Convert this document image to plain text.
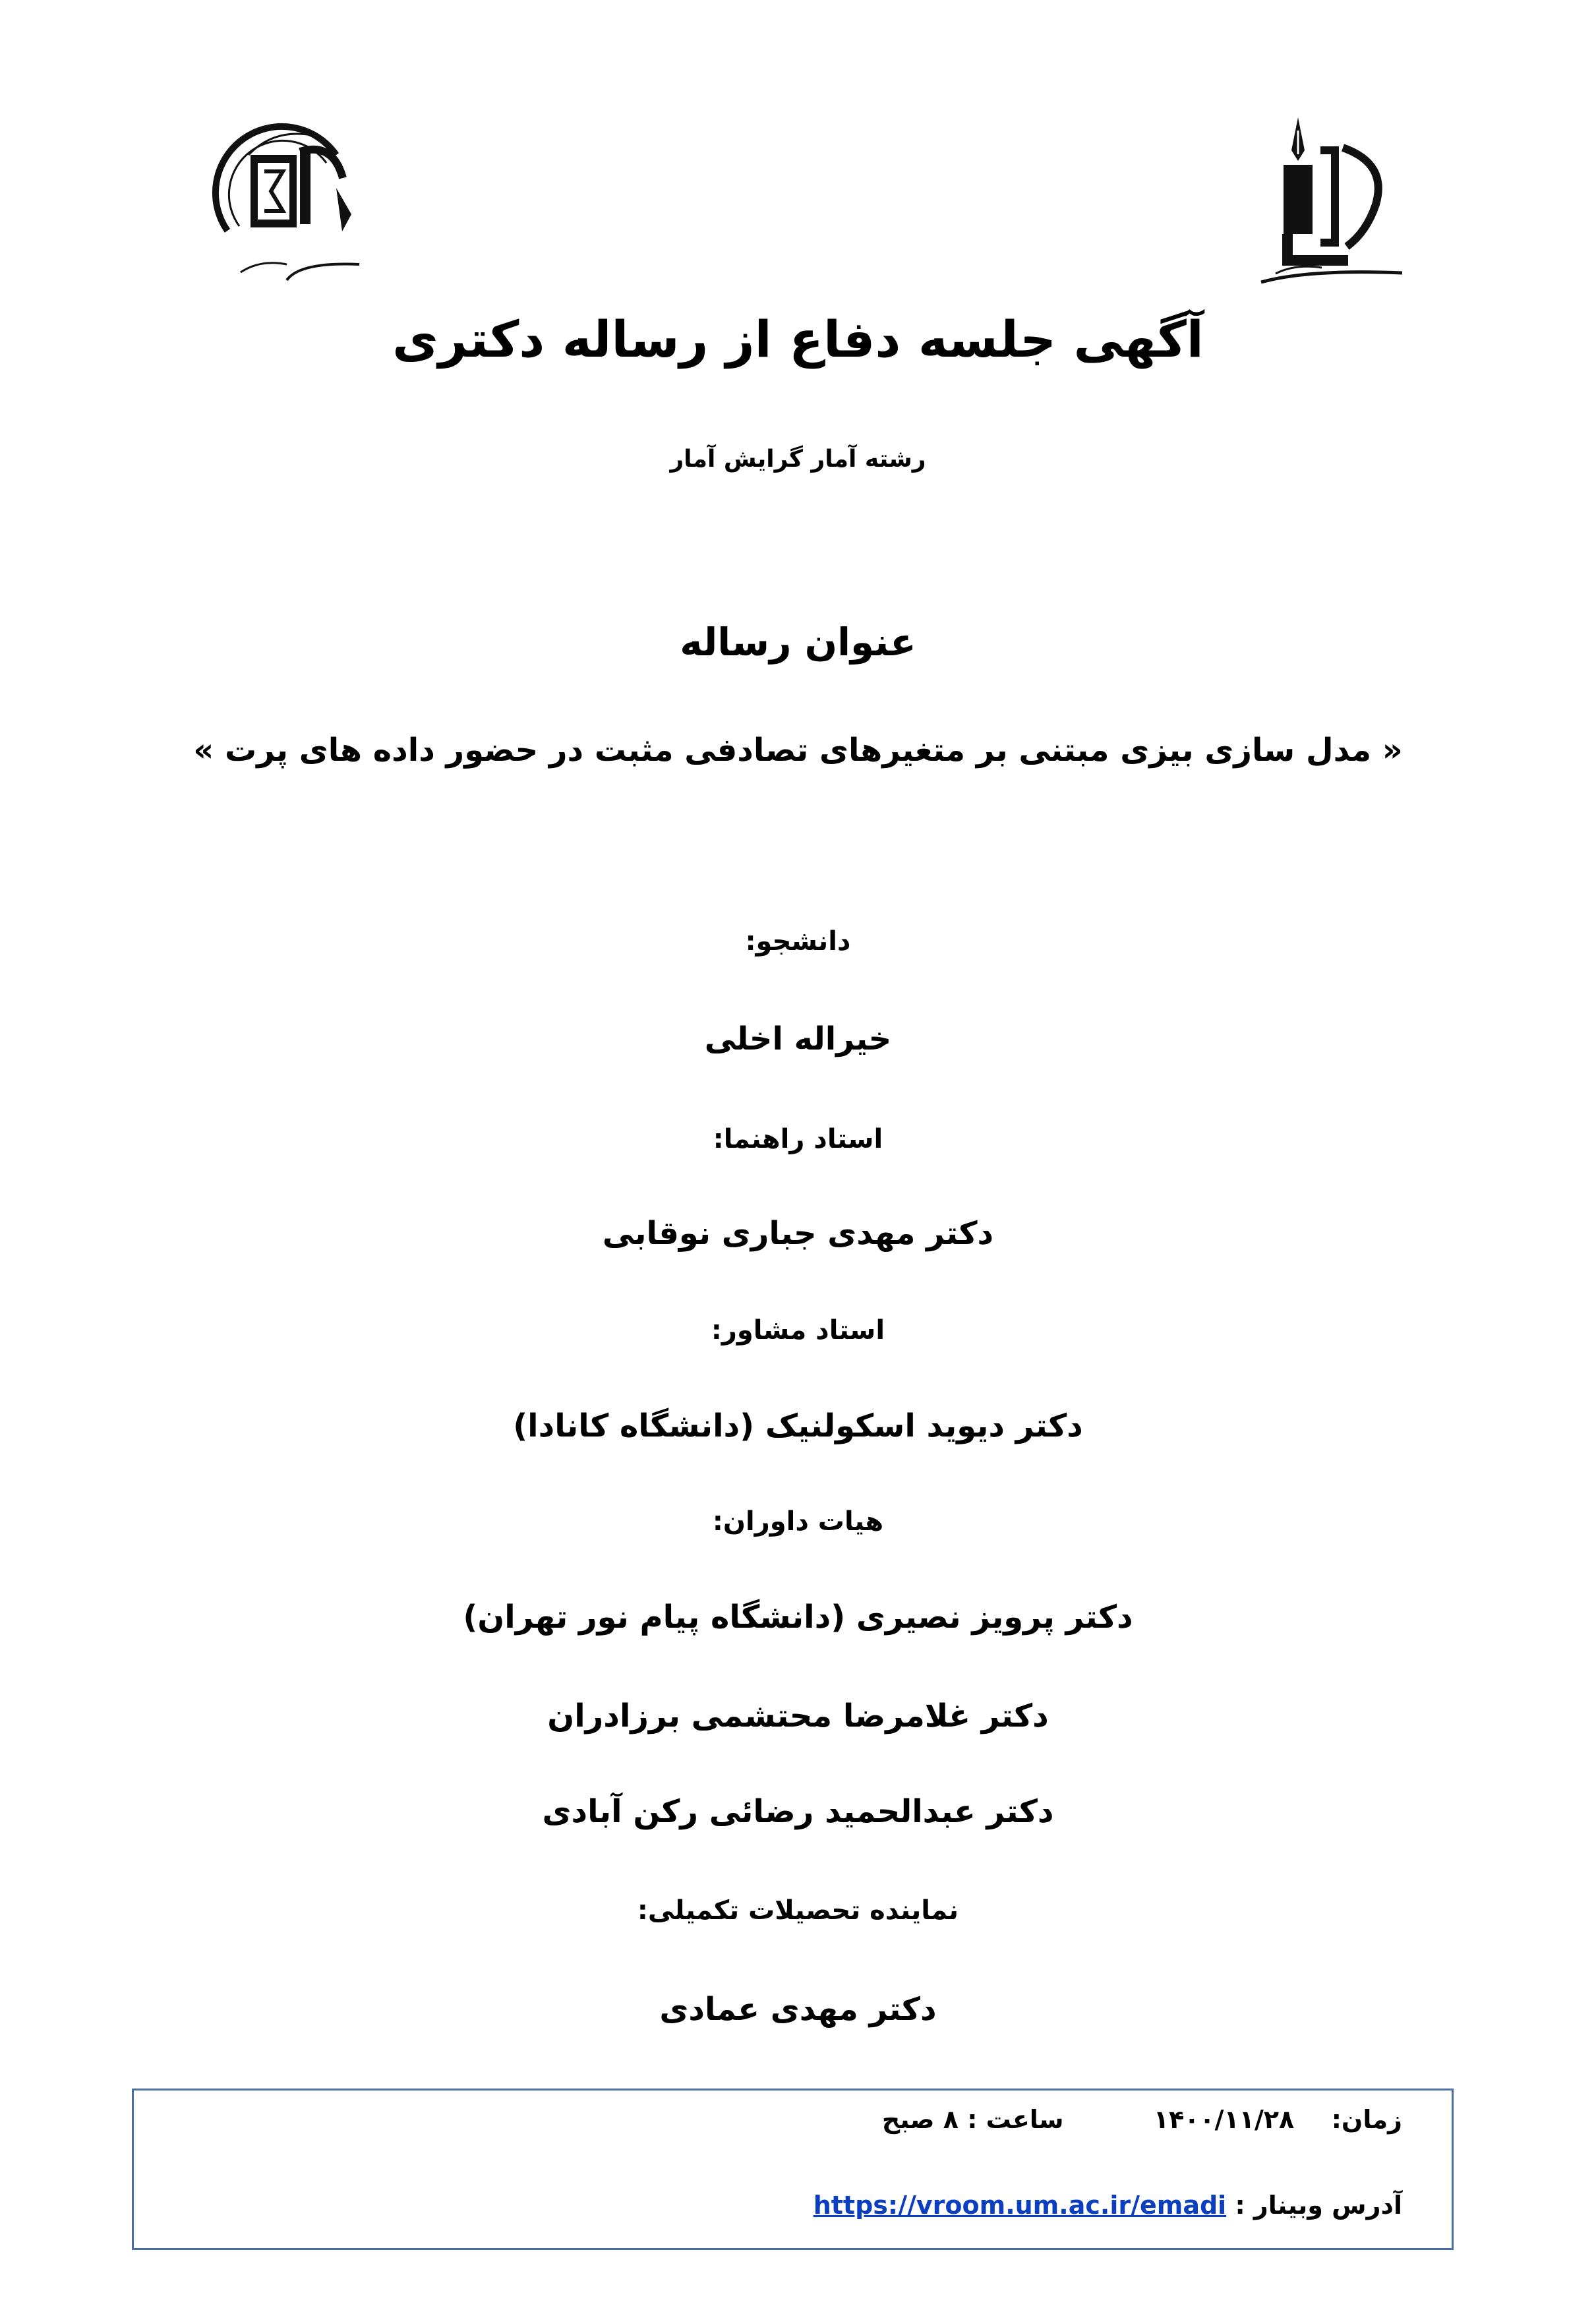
آگهی جلسه دفاع از رساله دکتری
رشته آمار گرایش آمار
عنوان رساله
« مدل سازی بیزی مبتنی بر متغیرهای تصادفی مثبت در حضور داده های پرت »
دانشجو:
خیراله اخلی
استاد راهنما:
دکتر مهدی جباری نوقابی
استاد مشاور:
دکتر دیوید اسکولنیک (دانشگاه کانادا)
هیات داوران:
دکتر پرویز نصیری (دانشگاه پیام نور تهران)
دکتر غلامرضا محتشمی برزادران
دکتر عبدالحمید رضائی رکن آبادی
نماینده تحصیلات تکمیلی:
دکتر مهدی عمادی
زمان:  ۱۴۰۰/۱۱/۲۸  ساعت : ۸ صبح
آدرس وبینار : https://vroom.um.ac.ir/emadi
